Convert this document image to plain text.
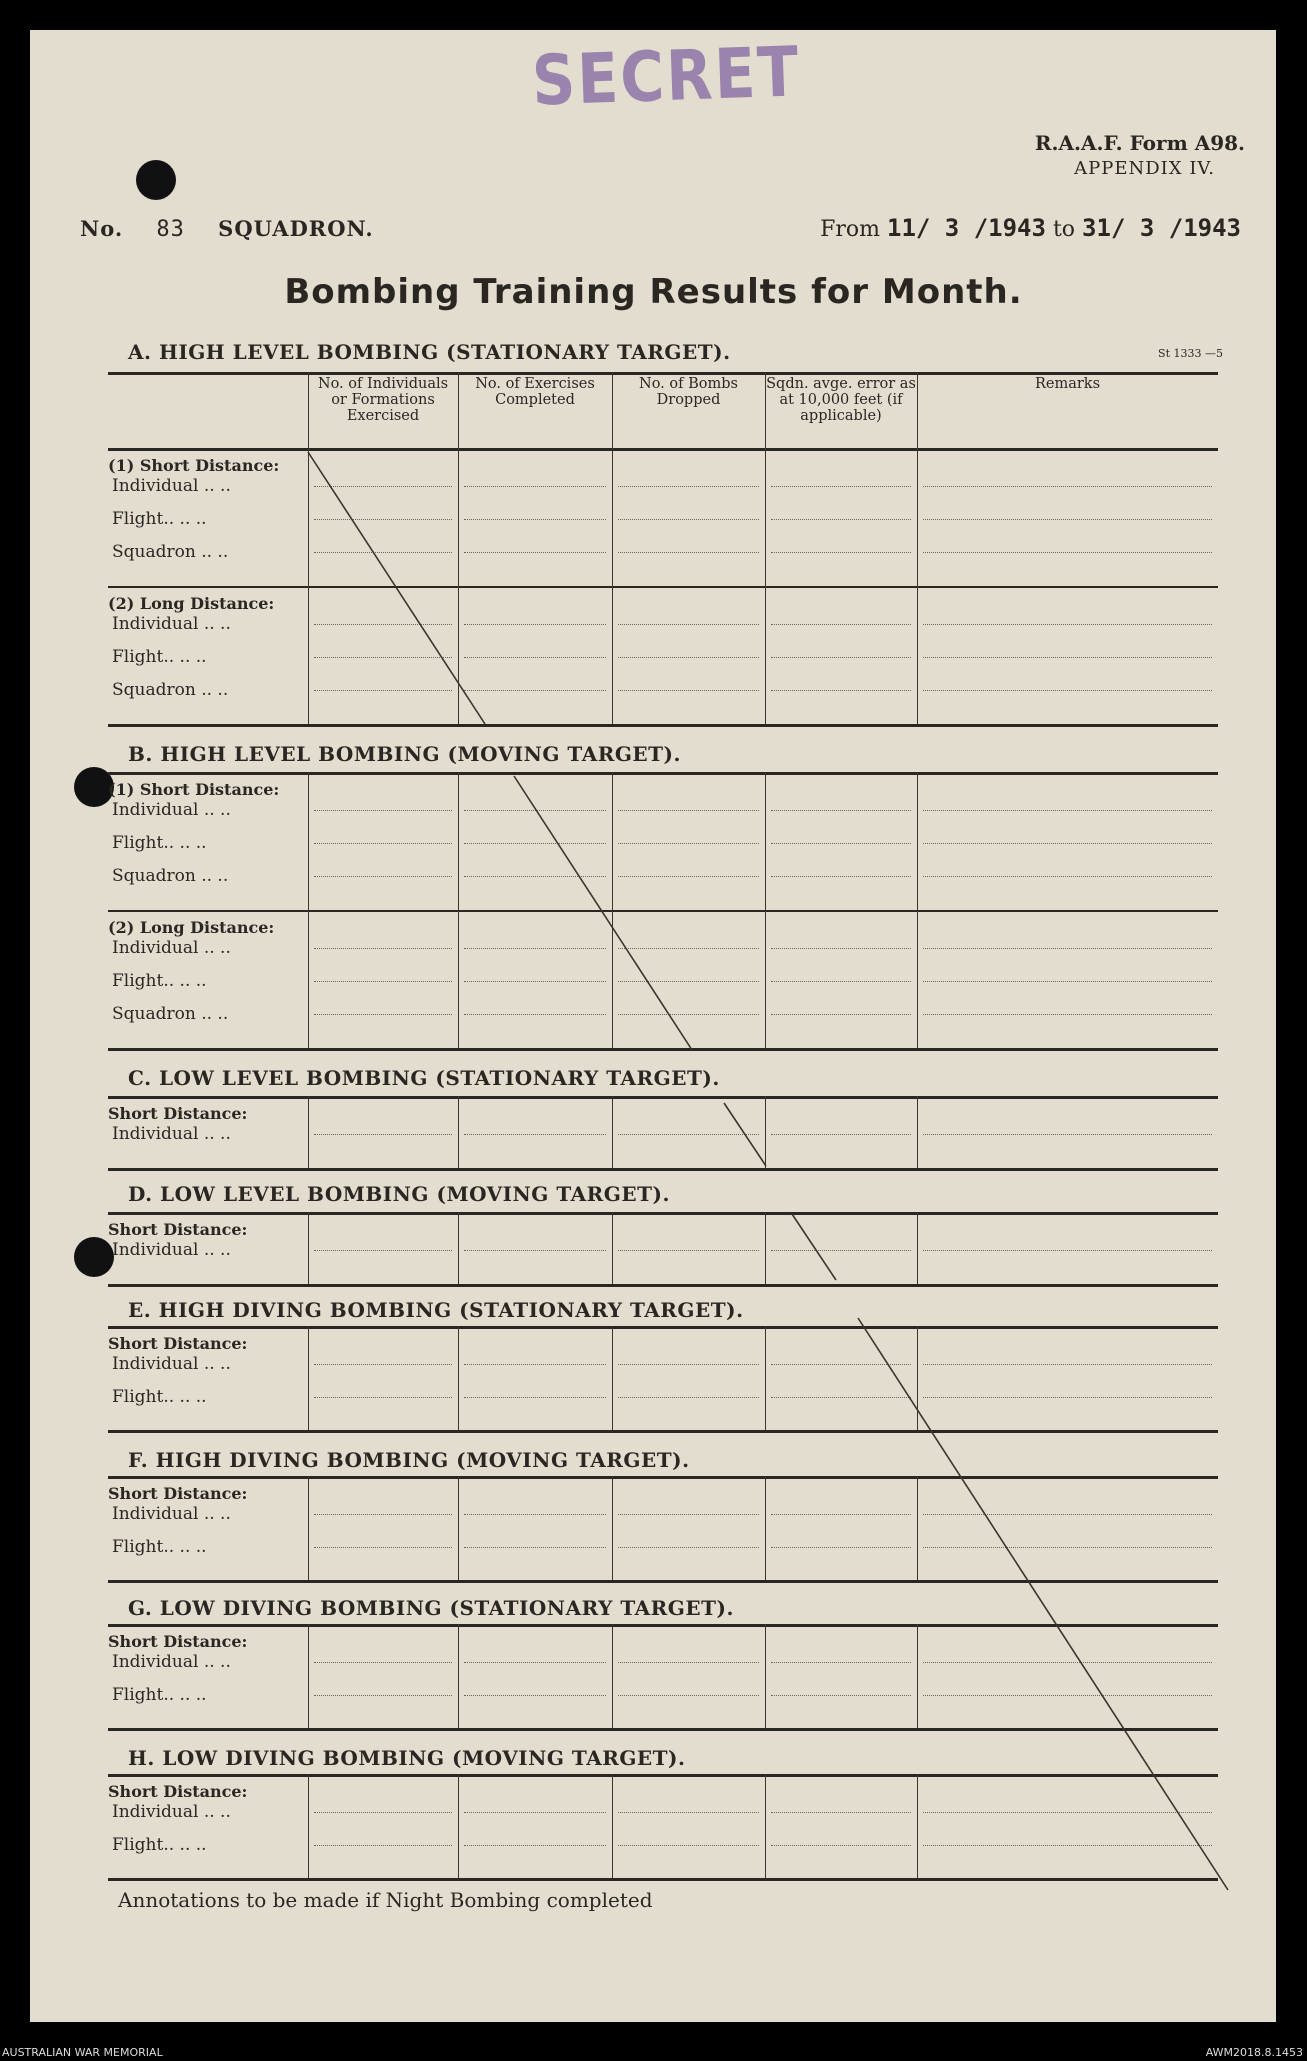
SECRET
R.A.A.F. Form A98.
APPENDIX IV.
No. 83 SQUADRON.	From 11/ 3 /1943 to 31/ 3 /1943
Bombing Training Results for Month.
St 1333 —5
A. HIGH LEVEL BOMBING (STATIONARY TARGET).
No. of Individuals or Formations Exercised
No. of Exercises Completed
No. of Bombs Dropped
Sqdn. avge. error as at 10,000 feet (if applicable)
Remarks
(1) Short Distance:
Individual .. ..
Flight.. .. ..
Squadron .. ..
(2) Long Distance:
Individual .. ..
Flight.. .. ..
Squadron .. ..
B. HIGH LEVEL BOMBING (MOVING TARGET).
(1) Short Distance:
Individual .. ..
Flight.. .. ..
Squadron .. ..
(2) Long Distance:
Individual .. ..
Flight.. .. ..
Squadron .. ..
C. LOW LEVEL BOMBING (STATIONARY TARGET).
Short Distance:
Individual .. ..
D. LOW LEVEL BOMBING (MOVING TARGET).
Short Distance:
Individual .. ..
E. HIGH DIVING BOMBING (STATIONARY TARGET).
Short Distance:
Individual .. ..
Flight.. .. ..
F. HIGH DIVING BOMBING (MOVING TARGET).
Short Distance:
Individual .. ..
Flight.. .. ..
G. LOW DIVING BOMBING (STATIONARY TARGET).
Short Distance:
Individual .. ..
Flight.. .. ..
H. LOW DIVING BOMBING (MOVING TARGET).
Short Distance:
Individual .. ..
Flight.. .. ..
Annotations to be made if Night Bombing completed
AUSTRALIAN WAR MEMORIAL	AWM2018.8.1453
